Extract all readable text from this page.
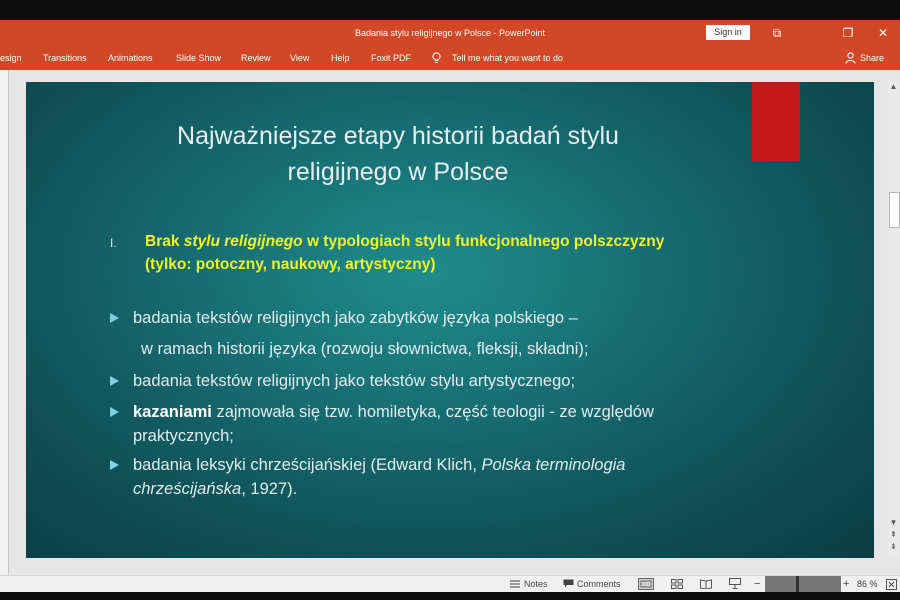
Badania stylu religijnego w Polsce - PowerPoint	Sign in	⧉	❐	✕
esign Transitions Animations	Slide Show Review View Help Foxit PDF	Tell me what you want to do	Share
Najważniejsze etapy historii badań stylu
religijnego w Polsce
I. Brak stylu religijnego w typologiach stylu funkcjonalnego polszczyzny (tylko: potoczny, naukowy, artystyczny)
badania tekstów religijnych jako zabytków języka polskiego –
w ramach historii języka (rozwoju słownictwa, fleksji, składni);
badania tekstów religijnych jako tekstów stylu artystycznego;
kazaniami zajmowała się tzw. homiletyka, część teologii - ze względów praktycznych;
badania leksyki chrześcijańskiej (Edward Klich, Polska terminologia chrześcijańska, 1927).
▲
▼
⇞
⇟
Notes	Comments	−	+ 86 %
